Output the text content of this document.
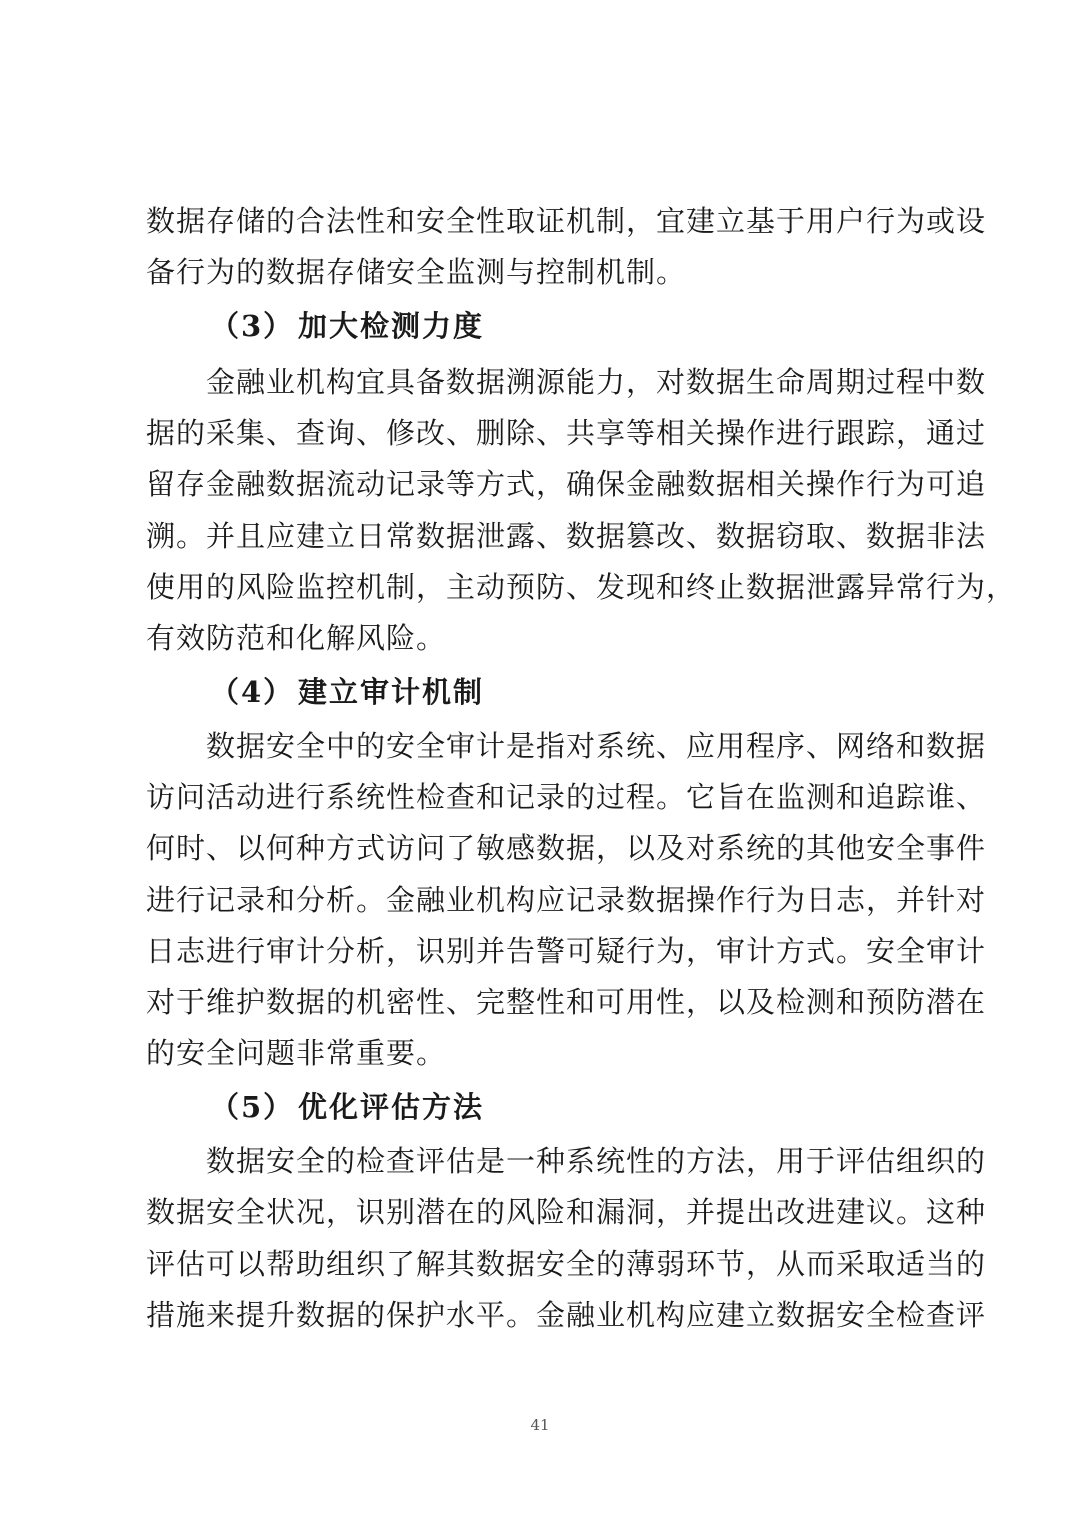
数据存储的合法性和安全性取证机制，宜建立基于用户行为或设
备行为的数据存储安全监测与控制机制。
（3） 加大检测力度
　　金融业机构宜具备数据溯源能力，对数据生命周期过程中数
据的采集、查询、修改、删除、共享等相关操作进行跟踪，通过
留存金融数据流动记录等方式，确保金融数据相关操作行为可追
溯。并且应建立日常数据泄露、数据篡改、数据窃取、数据非法
使用的风险监控机制，主动预防、发现和终止数据泄露异常行为，
有效防范和化解风险。
（4） 建立审计机制
　　数据安全中的安全审计是指对系统、应用程序、网络和数据
访问活动进行系统性检查和记录的过程。它旨在监测和追踪谁、
何时、以何种方式访问了敏感数据，以及对系统的其他安全事件
进行记录和分析。金融业机构应记录数据操作行为日志，并针对
日志进行审计分析，识别并告警可疑行为，审计方式。安全审计
对于维护数据的机密性、完整性和可用性，以及检测和预防潜在
的安全问题非常重要。
（5） 优化评估方法
　　数据安全的检查评估是一种系统性的方法，用于评估组织的
数据安全状况，识别潜在的风险和漏洞，并提出改进建议。这种
评估可以帮助组织了解其数据安全的薄弱环节，从而采取适当的
措施来提升数据的保护水平。金融业机构应建立数据安全检查评
41
